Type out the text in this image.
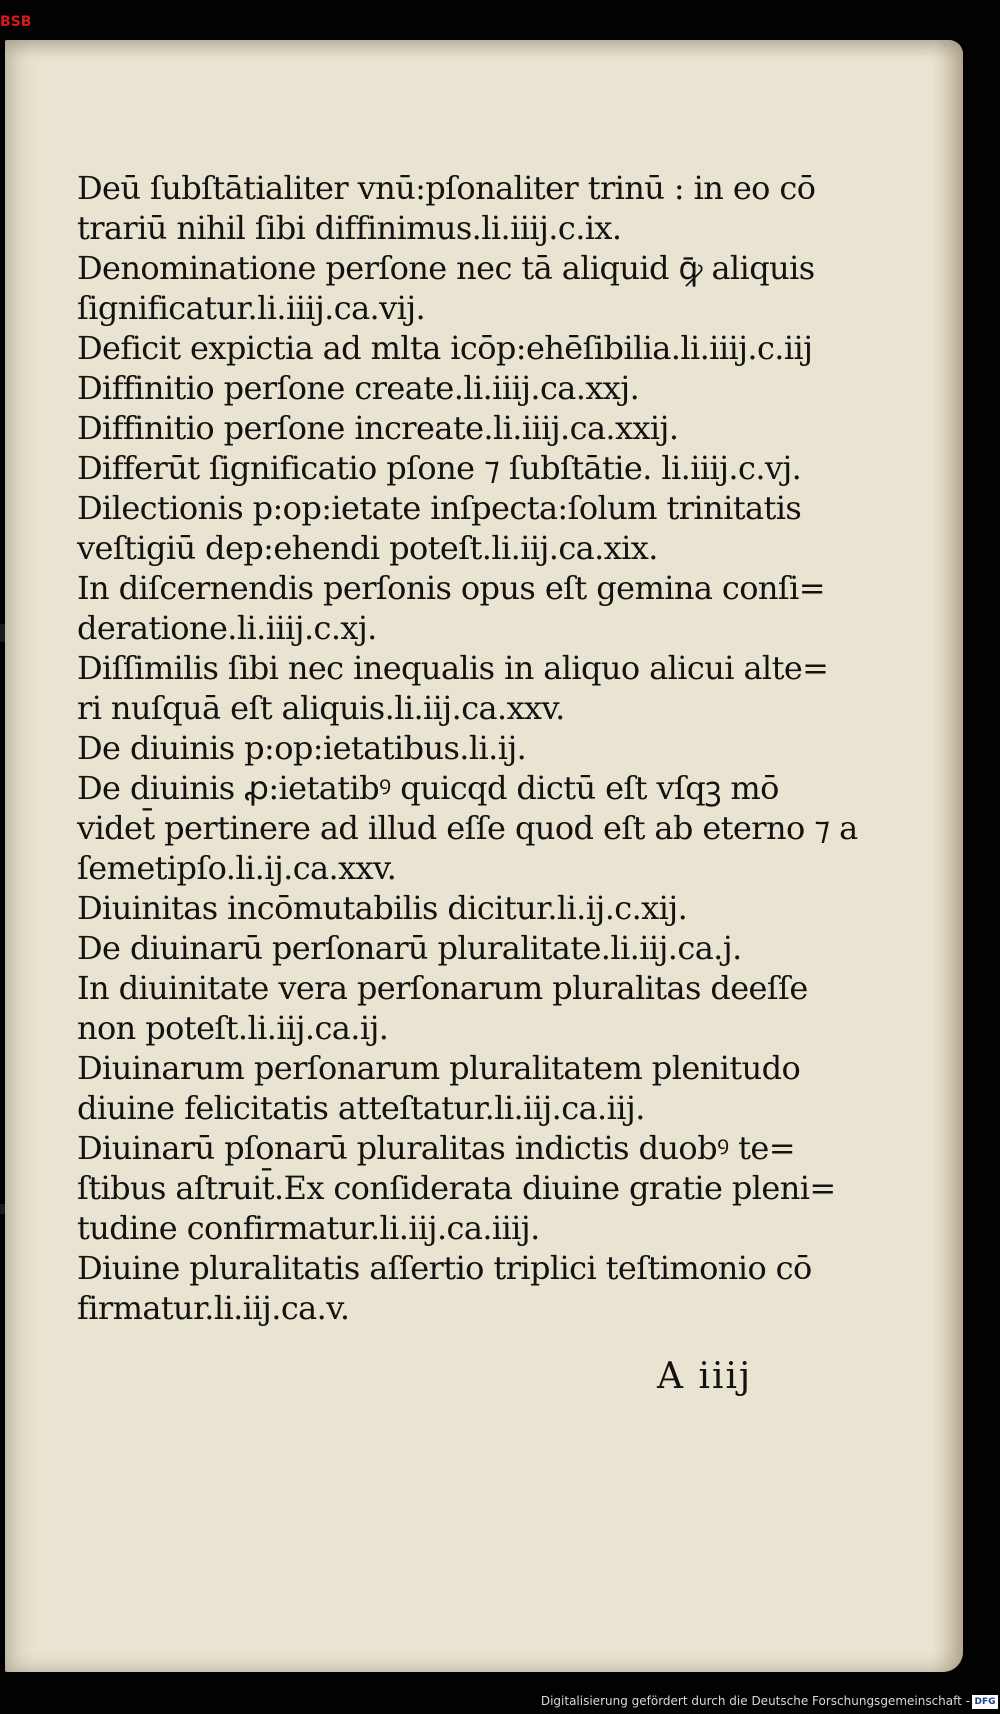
BSB
Deū ſubſtātialiter vnū:pſonaliter trinū : in eo cō
trariū nihil ſibi diffinimus.li.iiij.c.ix.
Denominatione perſone nec tā aliquid ꝙ̄ aliquis
ſignificatur.li.iiij.ca.vij.
Deficit expictia ad mlta icōp:ehēſibilia.li.iiij.c.iij
Diffinitio perſone create.li.iiij.ca.xxj.
Diffinitio perſone increate.li.iiij.ca.xxij.
Differūt ſignificatio pſone ⁊ ſubſtātie. li.iiij.c.vj.
Dilectionis p:op:ietate inſpecta:ſolum trinitatis
veſtigiū dep:ehendi poteſt.li.iij.ca.xix.
In diſcernendis perſonis opus eſt gemina conſi=
deratione.li.iiij.c.xj.
Diſſimilis ſibi nec inequalis in aliquo alicui alte=
ri nuſquā eſt aliquis.li.iij.ca.xxv.
De diuinis p:op:ietatibus.li.ij.
De diuinis ꝓ:ietatibꝰ quicqd dictū eſt vſqꝫ mō
videt̄ pertinere ad illud eſſe quod eſt ab eterno ⁊ a
ſemetipſo.li.ij.ca.xxv.
Diuinitas incōmutabilis dicitur.li.ij.c.xij.
De diuinarū perſonarū pluralitate.li.iij.ca.j.
In diuinitate vera perſonarum pluralitas deeſſe
non poteſt.li.iij.ca.ij.
Diuinarum perſonarum pluralitatem plenitudo
diuine felicitatis atteſtatur.li.iij.ca.iij.
Diuinarū pſonarū pluralitas indictis duobꝰ te=
ſtibus aſtruit̄.Ex conſiderata diuine gratie pleni=
tudine confirmatur.li.iij.ca.iiij.
Diuine pluralitatis aſſertio triplici teſtimonio cō
firmatur.li.iij.ca.v.
A iiij
Digitalisierung gefördert durch die Deutsche Forschungsgemeinschaft - DFG
